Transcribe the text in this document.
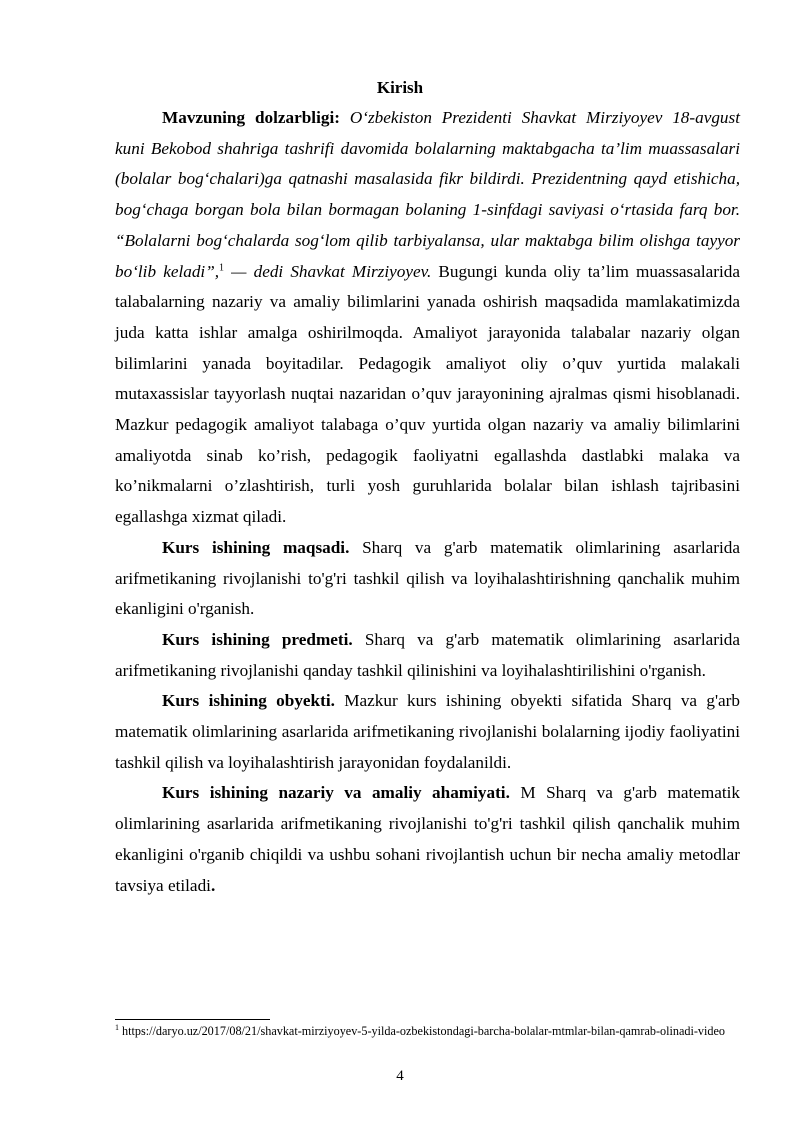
Kirish

Mavzuning dolzarbligi: O‘zbekiston Prezidenti Shavkat Mirziyoyev 18-avgust kuni Bekobod shahriga tashrifi davomida bolalarning maktabgacha ta’lim muassasalari (bolalar bog‘chalari)ga qatnashi masalasida fikr bildirdi. Prezidentning qayd etishicha, bog‘chaga borgan bola bilan bormagan bolaning 1-sinfdagi saviyasi o‘rtasida farq bor. “Bolalarni bog‘chalarda sog‘lom qilib tarbiyalansa, ular maktabga bilim olishga tayyor bo‘lib keladi”,$^1$ — dedi Shavkat Mirziyoyev. Bugungi kunda oliy ta’lim muassasalarida talabalarning nazariy va amaliy bilimlarini yanada oshirish maqsadida mamlakatimizda juda katta ishlar amalga oshirilmoqda. Amaliyot jarayonida talabalar nazariy olgan bilimlarini yanada boyitadilar. Pedagogik amaliyot oliy o’quv yurtida malakali mutaxassislar tayyorlash nuqtai nazaridan o’quv jarayonining ajralmas qismi hisoblanadi. Mazkur pedagogik amaliyot talabaga o’quv yurtida olgan nazariy va amaliy bilimlarini amaliyotda sinab ko’rish, pedagogik faoliyatni egallashda dastlabki malaka va ko’nikmalarni o’zlashtirish, turli yosh guruhlarida bolalar bilan ishlash tajribasini egallashga xizmat qiladi.

Kurs ishining maqsadi. Sharq va g'arb matematik olimlarining asarlarida arifmetikaning rivojlanishi to'g'ri tashkil qilish va loyihalashtirishning qanchalik muhim ekanligini o'rganish.

Kurs ishining predmeti. Sharq va g'arb matematik olimlarining asarlarida arifmetikaning rivojlanishi qanday tashkil qilinishini va loyihalashtirilishini o'rganish.

Kurs ishining obyekti. Mazkur kurs ishining obyekti sifatida Sharq va g'arb matematik olimlarining asarlarida arifmetikaning rivojlanishi bolalarning ijodiy faoliyatini tashkil qilish va loyihalashtirish jarayonidan foydalanildi.

Kurs ishining nazariy va amaliy ahamiyati. M Sharq va g'arb matematik olimlarining asarlarida arifmetikaning rivojlanishi to'g'ri tashkil qilish qanchalik muhim ekanligini o'rganib chiqildi va ushbu sohani rivojlantish uchun bir necha amaliy metodlar tavsiya etiladi.

$^1$ https://daryo.uz/2017/08/21/shavkat-mirziyoyev-5-yilda-ozbekistondagi-barcha-bolalar-mtmlar-bilan-qamrab-olinadi-video
4
